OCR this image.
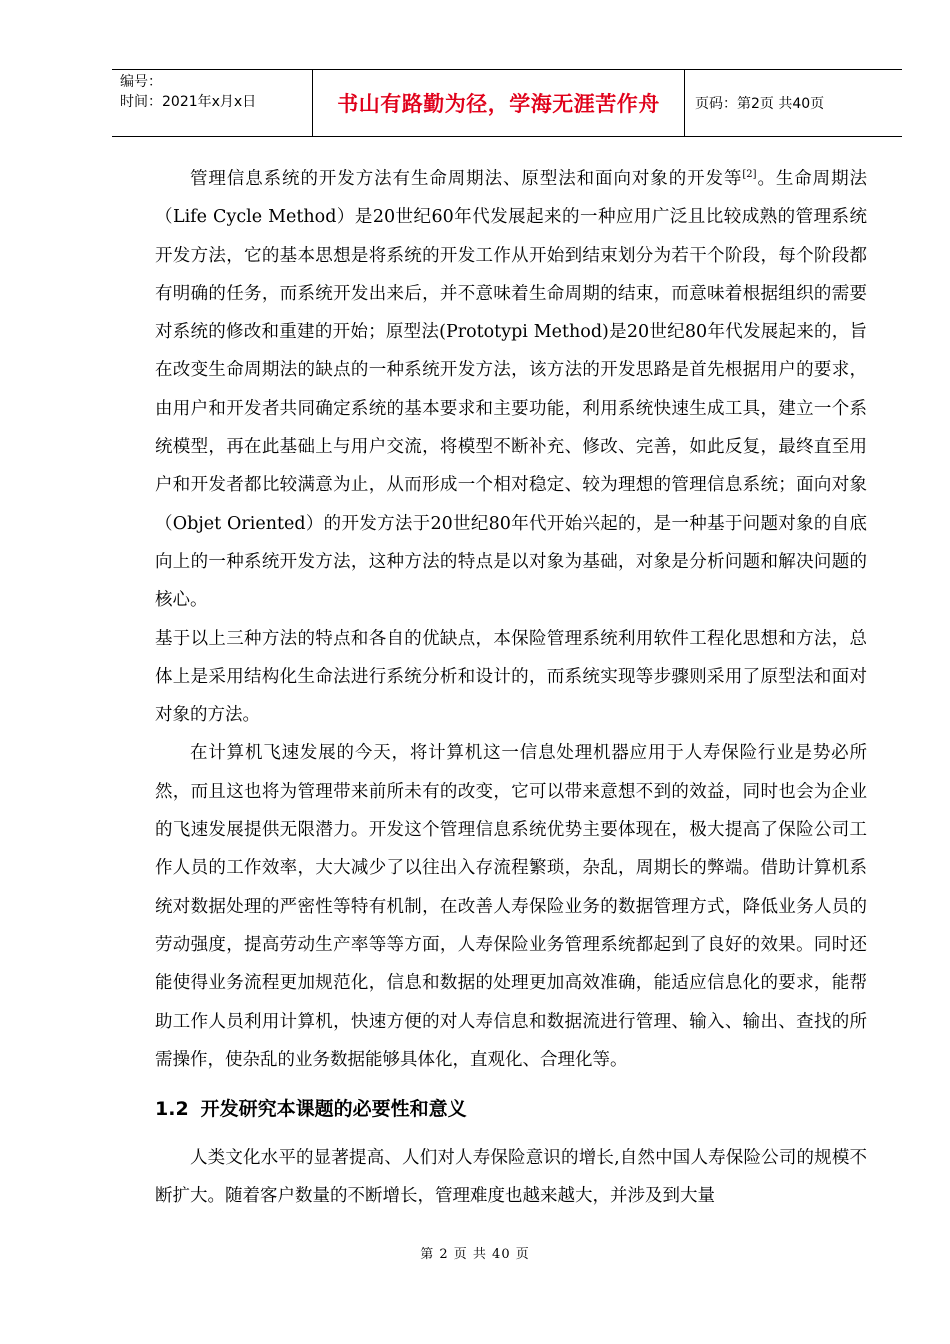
编号：
时间：2021年x月x日	书山有路勤为径，学海无涯苦作舟	页码：第2页 共40页

管理信息系统的开发方法有生命周期法、原型法和面向对象的开发等[2]。生命周期法（Life Cycle Method）是20世纪60年代发展起来的一种应用广泛且比较成熟的管理系统开发方法，它的基本思想是将系统的开发工作从开始到结束划分为若干个阶段，每个阶段都有明确的任务，而系统开发出来后，并不意味着生命周期的结束，而意味着根据组织的需要对系统的修改和重建的开始；原型法(Prototypi Method)是20世纪80年代发展起来的，旨在改变生命周期法的缺点的一种系统开发方法，该方法的开发思路是首先根据用户的要求，由用户和开发者共同确定系统的基本要求和主要功能，利用系统快速生成工具，建立一个系统模型，再在此基础上与用户交流，将模型不断补充、修改、完善，如此反复，最终直至用户和开发者都比较满意为止，从而形成一个相对稳定、较为理想的管理信息系统；面向对象（Objet Oriented）的开发方法于20世纪80年代开始兴起的，是一种基于问题对象的自底向上的一种系统开发方法，这种方法的特点是以对象为基础，对象是分析问题和解决问题的核心。

基于以上三种方法的特点和各自的优缺点，本保险管理系统利用软件工程化思想和方法，总体上是采用结构化生命法进行系统分析和设计的，而系统实现等步骤则采用了原型法和面对对象的方法。

在计算机飞速发展的今天，将计算机这一信息处理机器应用于人寿保险行业是势必所然，而且这也将为管理带来前所未有的改变，它可以带来意想不到的效益，同时也会为企业的飞速发展提供无限潜力。开发这个管理信息系统优势主要体现在，极大提高了保险公司工作人员的工作效率，大大减少了以往出入存流程繁琐，杂乱，周期长的弊端。借助计算机系统对数据处理的严密性等特有机制，在改善人寿保险业务的数据管理方式，降低业务人员的劳动强度，提高劳动生产率等等方面，人寿保险业务管理系统都起到了良好的效果。同时还能使得业务流程更加规范化，信息和数据的处理更加高效准确，能适应信息化的要求，能帮助工作人员利用计算机，快速方便的对人寿信息和数据流进行管理、输入、输出、查找的所需操作，使杂乱的业务数据能够具体化，直观化、合理化等。

1.2 开发研究本课题的必要性和意义

人类文化水平的显著提高、人们对人寿保险意识的增长,自然中国人寿保险公司的规模不断扩大。随着客户数量的不断增长，管理难度也越来越大，并涉及到大量

第 2 页 共 40 页
